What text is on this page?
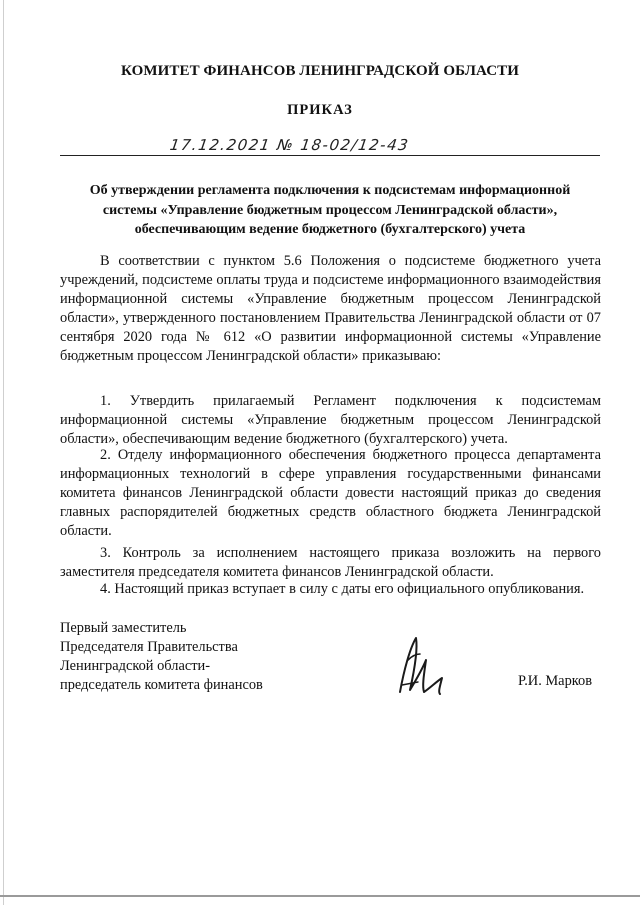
КОМИТЕТ ФИНАНСОВ ЛЕНИНГРАДСКОЙ ОБЛАСТИ
ПРИКАЗ
17.12.2021 № 18-02/12-43
Об утверждении регламента подключения к подсистемам информационной
системы «Управление бюджетным процессом Ленинградской области»,
обеспечивающим ведение бюджетного (бухгалтерского) учета
В соответствии с пунктом 5.6 Положения о подсистеме бюджетного учета учреждений, подсистеме оплаты труда и подсистеме информационного взаимодействия информационной системы «Управление бюджетным процессом Ленинградской области», утвержденного постановлением Правительства Ленинградской области от 07 сентября 2020 года № 612 «О развитии информационной системы «Управление бюджетным процессом Ленинградской области» приказываю:
1. Утвердить прилагаемый Регламент подключения к подсистемам информационной системы «Управление бюджетным процессом Ленинградской области», обеспечивающим ведение бюджетного (бухгалтерского) учета.
2. Отделу информационного обеспечения бюджетного процесса департамента информационных технологий в сфере управления государственными финансами комитета финансов Ленинградской области довести настоящий приказ до сведения главных распорядителей бюджетных средств областного бюджета Ленинградской области.
3. Контроль за исполнением настоящего приказа возложить на первого заместителя председателя комитета финансов Ленинградской области.
4. Настоящий приказ вступает в силу с даты его официального опубликования.
Первый заместитель
Председателя Правительства
Ленинградской области-
председатель комитета финансов	Р.И. Марков
